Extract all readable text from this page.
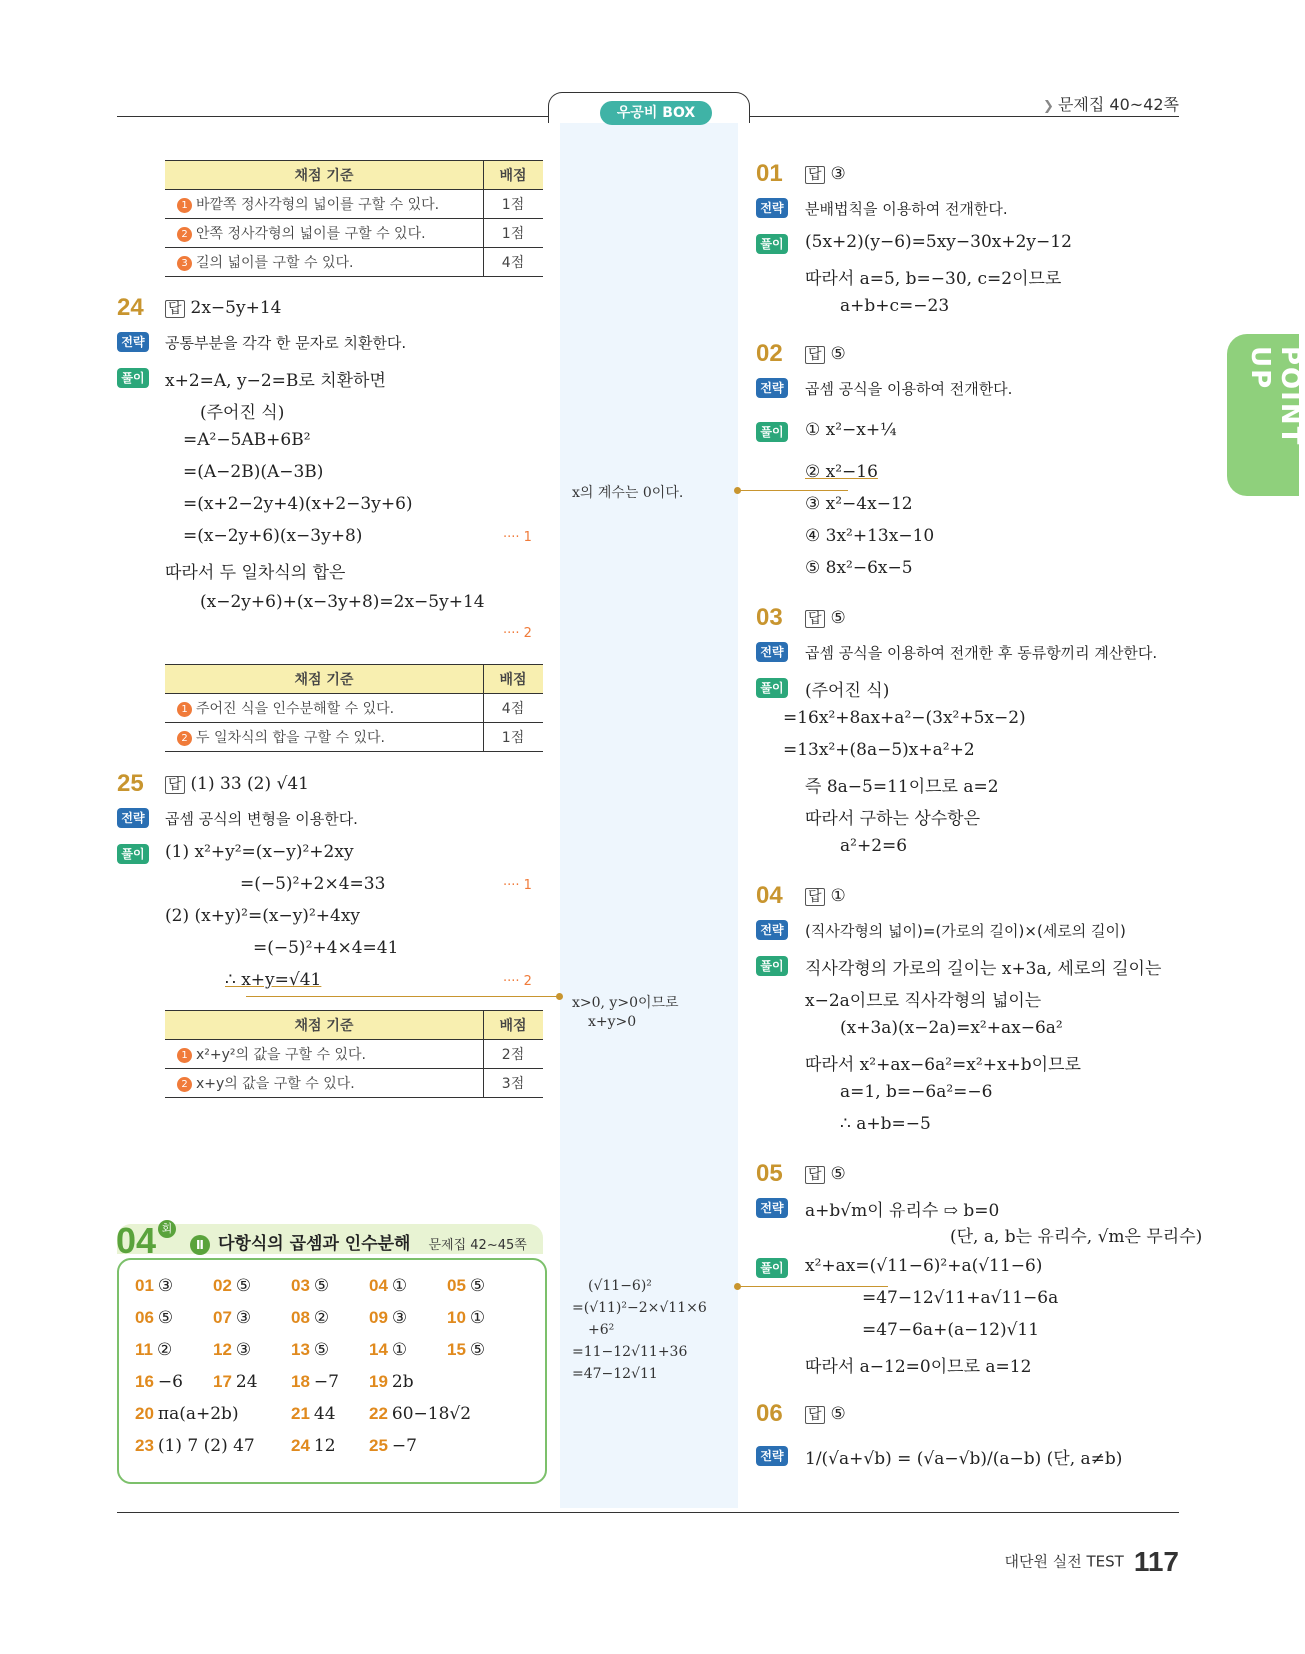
우공비 BOX	❯ 문제집 40~42쪽
POINT UP
채점 기준	배점
1 바깥쪽 정사각형의 넓이를 구할 수 있다.	1점
2 안쪽 정사각형의 넓이를 구할 수 있다.	1점
3 길의 넓이를 구할 수 있다.	4점
24 답 2x−5y+14
전략 공통부분을 각각 한 문자로 치환한다.
풀이 x+2=A, y−2=B로 치환하면
(주어진 식)
=A²−5AB+6B²
=(A−2B)(A−3B)
=(x+2−2y+4)(x+2−3y+6)
=(x−2y+6)(x−3y+8)	···· 1
따라서 두 일차식의 합은
(x−2y+6)+(x−3y+8)=2x−5y+14
···· 2
채점 기준	배점
1 주어진 식을 인수분해할 수 있다.	4점
2 두 일차식의 합을 구할 수 있다.	1점
25 답 (1) 33 (2) √41
전략 곱셈 공식의 변형을 이용한다.
풀이 (1) x²+y²=(x−y)²+2xy
=(−5)²+2×4=33	···· 1
(2) (x+y)²=(x−y)²+4xy
=(−5)²+4×4=41
∴ x+y=√41	···· 2
채점 기준	배점
1 x²+y²의 값을 구할 수 있다.	2점
2 x+y의 값을 구할 수 있다.	3점
x의 계수는 0이다.
x>0, y>0이므로
x+y>0
(√11−6)²
=(√11)²−2×√11×6
+6²
=11−12√11+36
=47−12√11
04 회
Ⅱ 다항식의 곱셈과 인수분해 문제집 42~45쪽
01 ③ 02 ⑤ 03 ⑤ 04 ① 05 ⑤
06 ⑤ 07 ③ 08 ② 09 ③ 10 ①
11 ② 12 ③ 13 ⑤ 14 ① 15 ⑤
16 −6 17 24 18 −7 19 2b
20 πa(a+2b)	21 44 22 60−18√2
23 (1) 7 (2) 47 24 12 25 −7
01 답 ③
전략 분배법칙을 이용하여 전개한다.
풀이 (5x+2)(y−6)=5xy−30x+2y−12
따라서 a=5, b=−30, c=2이므로
a+b+c=−23
02 답 ⑤
전략 곱셈 공식을 이용하여 전개한다.
풀이 ① x²−x+¼
② x²−16
③ x²−4x−12
④ 3x²+13x−10
⑤ 8x²−6x−5
03 답 ⑤
전략 곱셈 공식을 이용하여 전개한 후 동류항끼리 계산한다.
풀이 (주어진 식)
=16x²+8ax+a²−(3x²+5x−2)
=13x²+(8a−5)x+a²+2
즉 8a−5=11이므로 a=2
따라서 구하는 상수항은
a²+2=6
04 답 ①
전략 (직사각형의 넓이)=(가로의 길이)×(세로의 길이)
풀이 직사각형의 가로의 길이는 x+3a, 세로의 길이는
x−2a이므로 직사각형의 넓이는
(x+3a)(x−2a)=x²+ax−6a²
따라서 x²+ax−6a²=x²+x+b이므로
a=1, b=−6a²=−6
∴ a+b=−5
05 답 ⑤
전략 a+b√m이 유리수 ⇨ b=0
(단, a, b는 유리수, √m은 무리수)
풀이 x²+ax=(√11−6)²+a(√11−6)
=47−12√11+a√11−6a
=47−6a+(a−12)√11
따라서 a−12=0이므로 a=12
06 답 ⑤
전략 1/(√a+√b) = (√a−√b)/(a−b) (단, a≠b)
대단원 실전 TEST 117
